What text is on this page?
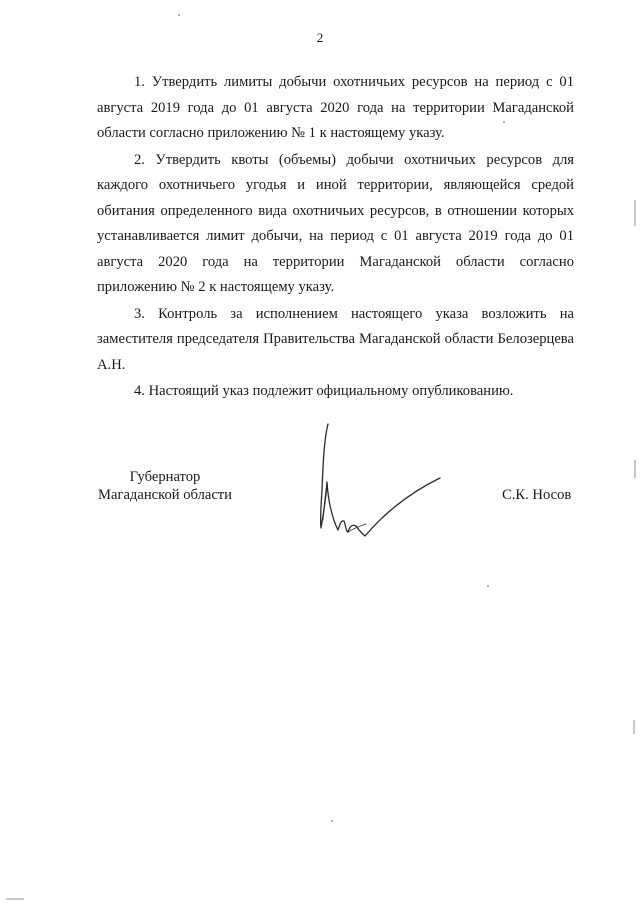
2

1. Утвердить лимиты добычи охотничьих ресурсов на период с 01 августа 2019 года до 01 августа 2020 года на территории Магаданской области согласно приложению № 1 к настоящему указу.

2. Утвердить квоты (объемы) добычи охотничьих ресурсов для каждого охотничьего угодья и иной территории, являющейся средой обитания определенного вида охотничьих ресурсов, в отношении которых устанавливается лимит добычи, на период с 01 августа 2019 года до 01 августа 2020 года на территории Магаданской области согласно приложению № 2 к настоящему указу.

3. Контроль за исполнением настоящего указа возложить на заместителя председателя Правительства Магаданской области Белозерцева А.Н.

4. Настоящий указ подлежит официальному опубликованию.

Губернатор
Магаданской области	С.К. Носов
